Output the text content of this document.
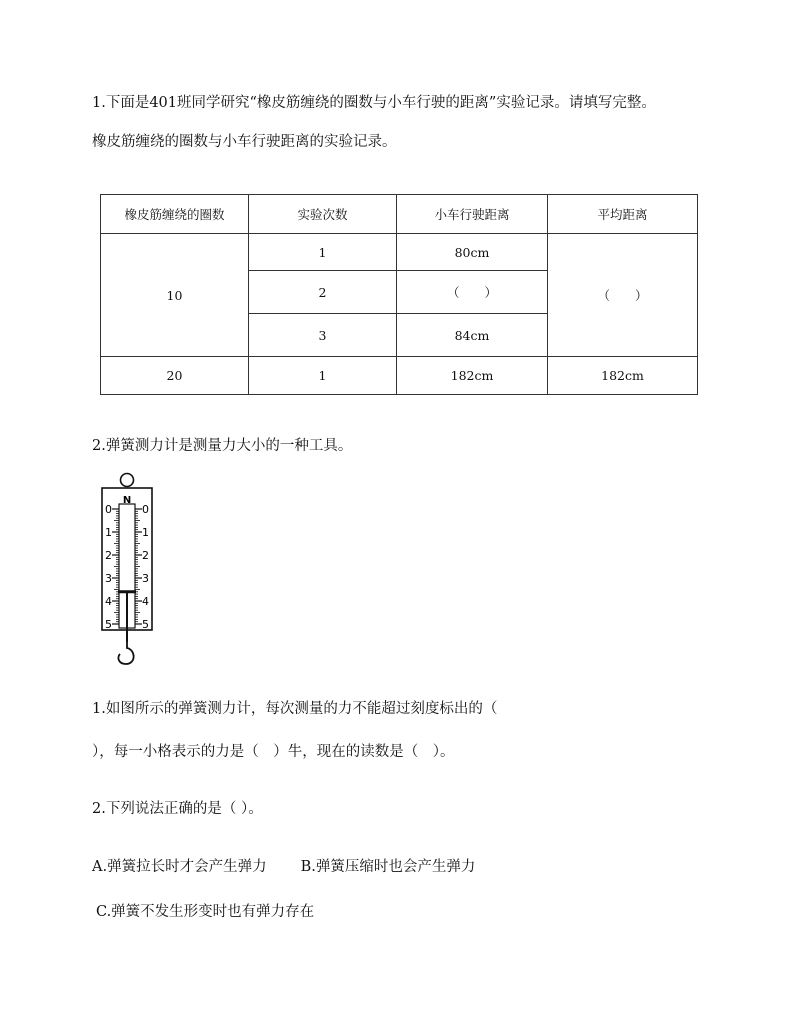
1.下面是401班同学研究“橡皮筋缠绕的圈数与小车行驶的距离”实验记录。请填写完整。
橡皮筋缠绕的圈数与小车行驶距离的实验记录。
橡皮筋缠绕的圈数	实验次数	小车行驶距离	平均距离
10	1	80cm	（　　）
	2	（　　）	
	3	84cm	
20	1	182cm	182cm
2.弹簧测力计是测量力大小的一种工具。
N
0	0
1	1
2	2
3	3
4	4
5	5
1.如图所示的弹簧测力计，每次测量的力不能超过刻度标出的（
），每一小格表示的力是（　）牛，现在的读数是（　）。
2.下列说法正确的是（ ）。
A.弹簧拉长时才会产生弹力 B.弹簧压缩时也会产生弹力
C.弹簧不发生形变时也有弹力存在
